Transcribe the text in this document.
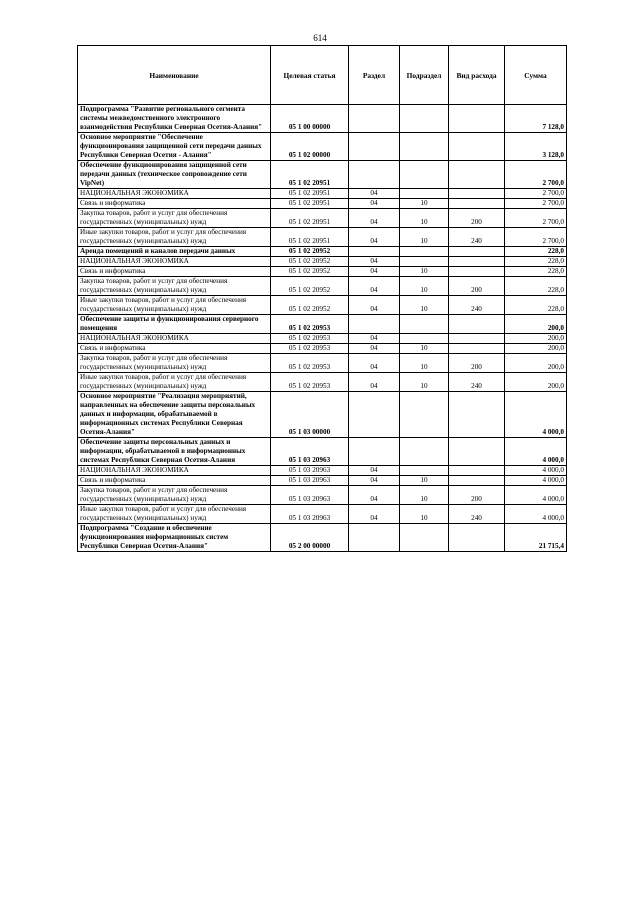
614
Наименование	Целевая статья	Раздел	Подраздел	Вид расхода	Сумма
Подпрограмма "Развитие регионального сегмента системы межведомственного электронного взаимодействия Республики Северная Осетия-Алания"	05 1 00 00000				7 128,0
Основное мероприятие "Обеспечение функционирования защищенной сети передачи данных Республики Северная Осетия - Алания"	05 1 02 00000				3 128,0
Обеспечение функционирования защищенной сети передачи данных (техническое сопровождение сети VipNet)	05 1 02 20951				2 700,0
НАЦИОНАЛЬНАЯ ЭКОНОМИКА	05 1 02 20951	04			2 700,0
Связь и информатика	05 1 02 20951	04	10		2 700,0
Закупка товаров, работ и услуг для обеспечения государственных (муниципальных) нужд	05 1 02 20951	04	10	200	2 700,0
Иные закупки товаров, работ и услуг для обеспечения государственных (муниципальных) нужд	05 1 02 20951	04	10	240	2 700,0
Аренда помещений и каналов передачи данных	05 1 02 20952				228,0
НАЦИОНАЛЬНАЯ ЭКОНОМИКА	05 1 02 20952	04			228,0
Связь и информатика	05 1 02 20952	04	10		228,0
Закупка товаров, работ и услуг для обеспечения государственных (муниципальных) нужд	05 1 02 20952	04	10	200	228,0
Иные закупки товаров, работ и услуг для обеспечения государственных (муниципальных) нужд	05 1 02 20952	04	10	240	228,0
Обеспечение защиты и функционирования серверного помещения	05 1 02 20953				200,0
НАЦИОНАЛЬНАЯ ЭКОНОМИКА	05 1 02 20953	04			200,0
Связь и информатика	05 1 02 20953	04	10		200,0
Закупка товаров, работ и услуг для обеспечения государственных (муниципальных) нужд	05 1 02 20953	04	10	200	200,0
Иные закупки товаров, работ и услуг для обеспечения государственных (муниципальных) нужд	05 1 02 20953	04	10	240	200,0
Основное мероприятие "Реализация мероприятий, направленных на обеспечение защиты персональных данных и информации, обрабатываемой в информационных системах Республики Северная Осетия-Алания"	05 1 03 00000				4 000,0
Обеспечение защиты персональных данных и информации, обрабатываемой в информационных системах Республики Северная Осетия-Алания	05 1 03 20963				4 000,0
НАЦИОНАЛЬНАЯ ЭКОНОМИКА	05 1 03 20963	04			4 000,0
Связь и информатика	05 1 03 20963	04	10		4 000,0
Закупка товаров, работ и услуг для обеспечения государственных (муниципальных) нужд	05 1 03 20963	04	10	200	4 000,0
Иные закупки товаров, работ и услуг для обеспечения государственных (муниципальных) нужд	05 1 03 20963	04	10	240	4 000,0
Подпрограмма "Создание и обеспечение функционирования информационных систем Республики Северная Осетия-Алания"	05 2 00 00000				21 715,4
